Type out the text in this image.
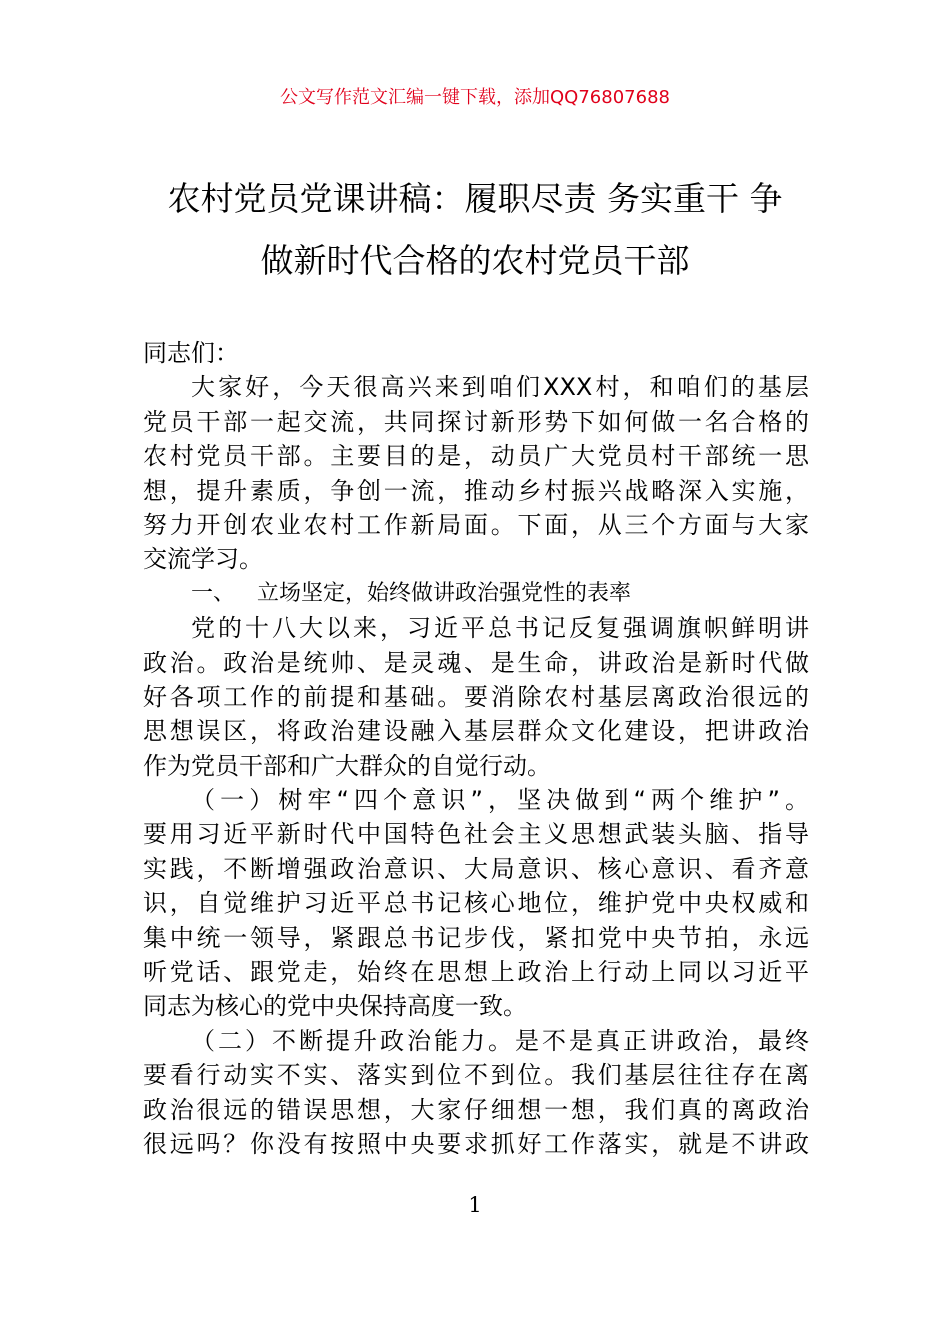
公文写作范文汇编一键下载，添加QQ76807688
农村党员党课讲稿：履职尽责 务实重干 争
做新时代合格的农村党员干部
同志们：
大家好，今天很高兴来到咱们XXX村，和咱们的基层
党员干部一起交流，共同探讨新形势下如何做一名合格的
农村党员干部。主要目的是，动员广大党员村干部统一思
想，提升素质，争创一流，推动乡村振兴战略深入实施，
努力开创农业农村工作新局面。下面，从三个方面与大家
交流学习。
一、 立场坚定，始终做讲政治强党性的表率
党的十八大以来，习近平总书记反复强调旗帜鲜明讲
政治。政治是统帅、是灵魂、是生命，讲政治是新时代做
好各项工作的前提和基础。要消除农村基层离政治很远的
思想误区，将政治建设融入基层群众文化建设，把讲政治
作为党员干部和广大群众的自觉行动。
（一）树牢“四个意识”，坚决做到“两个维护”。
要用习近平新时代中国特色社会主义思想武装头脑、指导
实践，不断增强政治意识、大局意识、核心意识、看齐意
识，自觉维护习近平总书记核心地位，维护党中央权威和
集中统一领导，紧跟总书记步伐，紧扣党中央节拍，永远
听党话、跟党走，始终在思想上政治上行动上同以习近平
同志为核心的党中央保持高度一致。
（二）不断提升政治能力。是不是真正讲政治，最终
要看行动实不实、落实到位不到位。我们基层往往存在离
政治很远的错误思想，大家仔细想一想，我们真的离政治
很远吗？你没有按照中央要求抓好工作落实，就是不讲政
1
